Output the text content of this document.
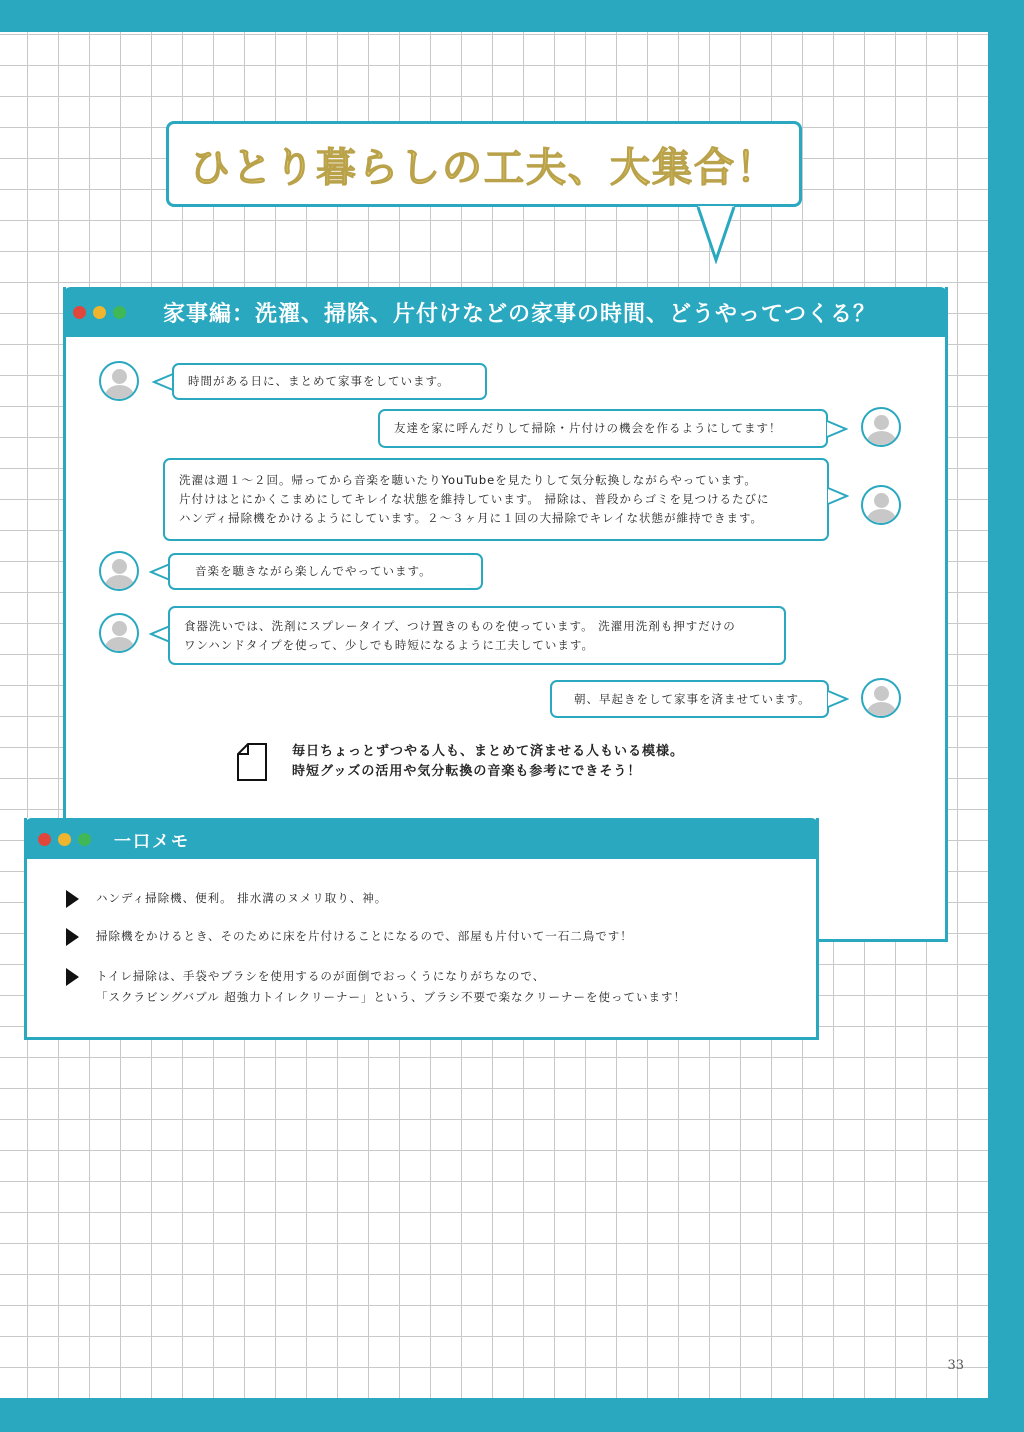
ひとり暮らしの工夫、大集合！
家事編：洗濯、掃除、片付けなどの家事の時間、どうやってつくる？
時間がある日に、まとめて家事をしています。
友達を家に呼んだりして掃除・片付けの機会を作るようにしてます！
洗濯は週１～２回。帰ってから音楽を聴いたりYouTubeを見たりして気分転換しながらやっています。
片付けはとにかくこまめにしてキレイな状態を維持しています。 掃除は、普段からゴミを見つけるたびに
ハンディ掃除機をかけるようにしています。２～３ヶ月に１回の大掃除でキレイな状態が維持できます。
音楽を聴きながら楽しんでやっています。
食器洗いでは、洗剤にスプレータイプ、つけ置きのものを使っています。 洗濯用洗剤も押すだけの
ワンハンドタイプを使って、少しでも時短になるように工夫しています。
朝、早起きをして家事を済ませています。
毎日ちょっとずつやる人も、まとめて済ませる人もいる模様。
時短グッズの活用や気分転換の音楽も参考にできそう！
一口メモ
ハンディ掃除機、便利。 排水溝のヌメリ取り、神。
掃除機をかけるとき、そのために床を片付けることになるので、部屋も片付いて一石二鳥です！
トイレ掃除は、手袋やブラシを使用するのが面倒でおっくうになりがちなので、
「スクラビングバブル 超強力トイレクリーナー」という、ブラシ不要で楽なクリーナーを使っています！
33
